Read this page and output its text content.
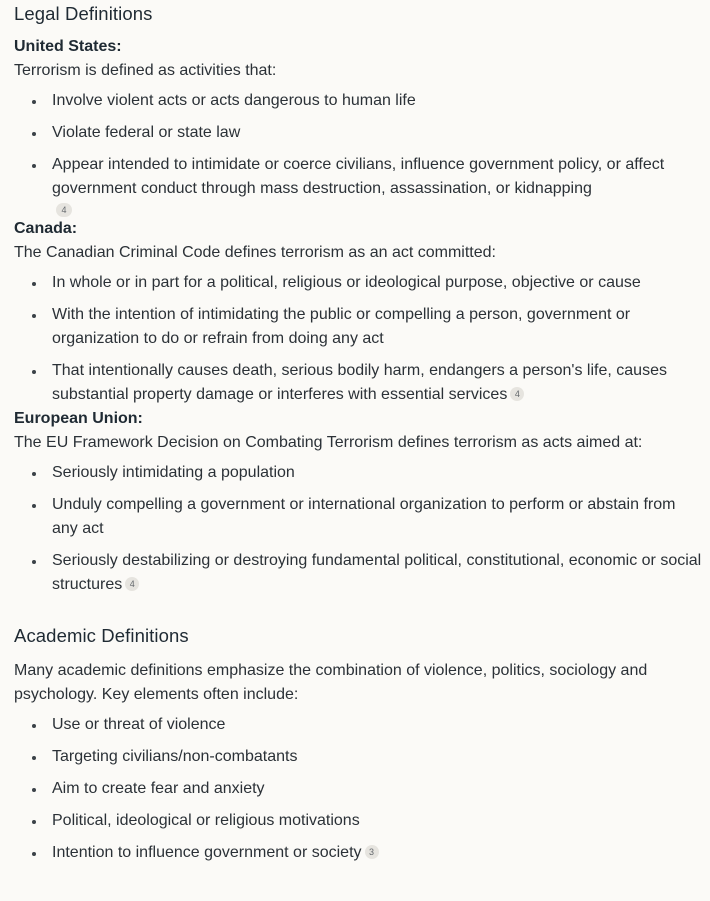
Legal Definitions
United States:

Terrorism is defined as activities that:

Involve violent acts or acts dangerous to human life
Violate federal or state law
Appear intended to intimidate or coerce civilians, influence government policy, or affect government conduct through mass destruction, assassination, or kidnapping
4
Canada:

The Canadian Criminal Code defines terrorism as an act committed:

In whole or in part for a political, religious or ideological purpose, objective or cause
With the intention of intimidating the public or compelling a person, government or organization to do or refrain from doing any act
That intentionally causes death, serious bodily harm, endangers a person's life, causes substantial property damage or interferes with essential services 4
European Union:

The EU Framework Decision on Combating Terrorism defines terrorism as acts aimed at:

Seriously intimidating a population
Unduly compelling a government or international organization to perform or abstain from any act
Seriously destabilizing or destroying fundamental political, constitutional, economic or social structures 4
Academic Definitions

Many academic definitions emphasize the combination of violence, politics, sociology and psychology. Key elements often include:

Use or threat of violence
Targeting civilians/non-combatants
Aim to create fear and anxiety
Political, ideological or religious motivations
Intention to influence government or society 3
